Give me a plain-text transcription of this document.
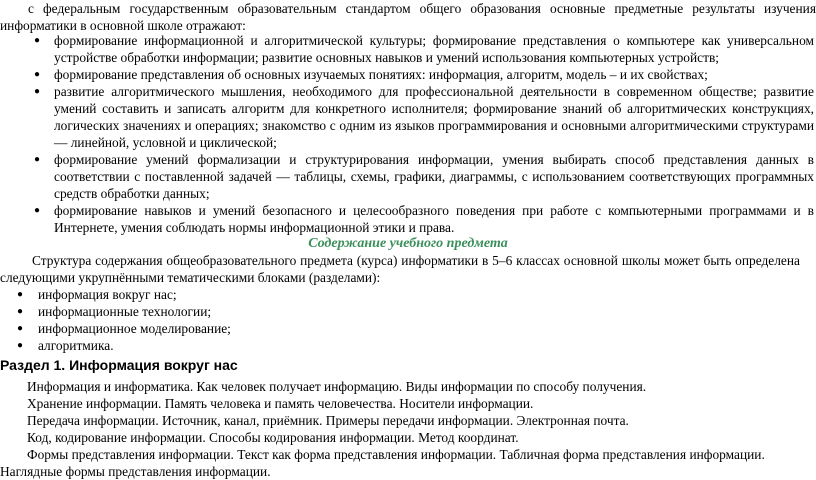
с федеральным государственным образовательным стандартом общего образования основные предметные результаты изучения информатики в основной школе отражают:

● формирование информационной и алгоритмической культуры; формирование представления о компьютере как универсальном устройстве обработки информации; развитие основных навыков и умений использования компьютерных устройств;
● формирование представления об основных изучаемых понятиях: информация, алгоритм, модель – и их свойствах;
● развитие алгоритмического мышления, необходимого для профессиональной деятельности в современном обществе; развитие умений составить и записать алгоритм для конкретного исполнителя; формирование знаний об алгоритмических конструкциях, логических значениях и операциях; знакомство с одним из языков программирования и основными алгоритмическими структурами — линейной, условной и циклической;
● формирование умений формализации и структурирования информации, умения выбирать способ представления данных в соответствии с поставленной задачей — таблицы, схемы, графики, диаграммы, с использованием соответствующих программных средств обработки данных;
● формирование навыков и умений безопасного и целесообразного поведения при работе с компьютерными программами и в Интернете, умения соблюдать нормы информационной этики и права.
Содержание учебного предмета

Структура содержания общеобразовательного предмета (курса) информатики в 5–6 классах основной школы может быть определена следующими укрупнёнными тематическими блоками (разделами):

● информация вокруг нас;
● информационные технологии;
● информационное моделирование;
● алгоритмика.
Раздел 1. Информация вокруг нас
Информация и информатика. Как человек получает информацию. Виды информации по способу получения.
Хранение информации. Память человека и память человечества. Носители информации.
Передача информации. Источник, канал, приёмник. Примеры передачи информации. Электронная почта.
Код, кодирование информации. Способы кодирования информации. Метод координат.
Формы представления информации. Текст как форма представления информации. Табличная форма представления информации. Наглядные формы представления информации.
